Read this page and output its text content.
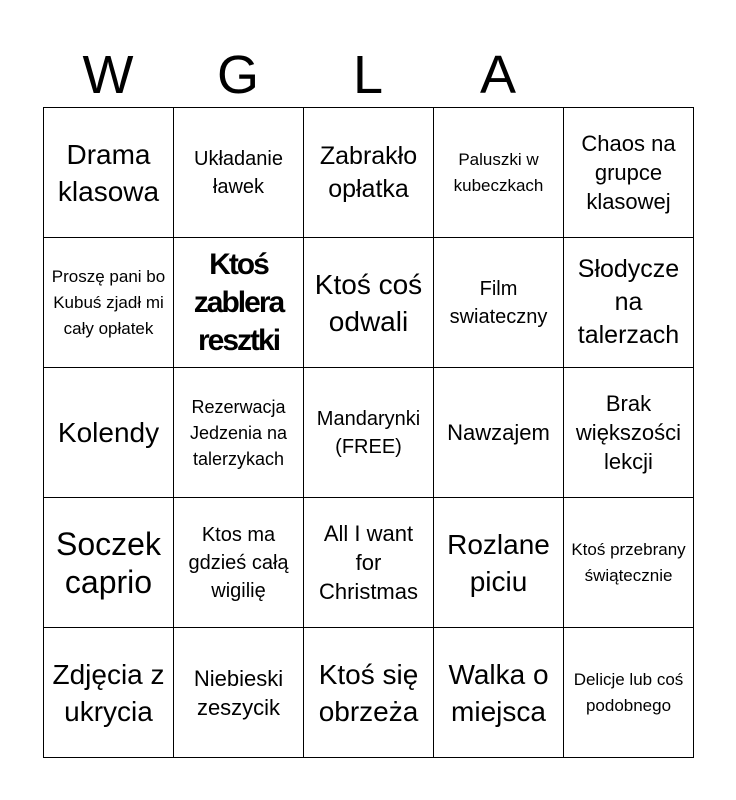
W	G	L	A
Drama klasowa	Układanie ławek	Zabrakło opłatka	Paluszki w kubeczkach	Chaos na grupce klasowej
Proszę pani bo Kubuś zjadł mi cały opłatek	Ktoś zablera resztki	Ktoś coś odwali	Film swiateczny	Słodycze na talerzach
Kolendy	Rezerwacja Jedzenia na talerzykach	Mandarynki (FREE)	Nawzajem	Brak większości lekcji
Soczek caprio	Ktos ma gdzieś całą wigilię	All I want for Christmas	Rozlane piciu	Ktoś przebrany świątecznie
Zdjęcia z ukrycia	Niebieski zeszycik	Ktoś się obrzeża	Walka o miejsca	Delicje lub coś podobnego
